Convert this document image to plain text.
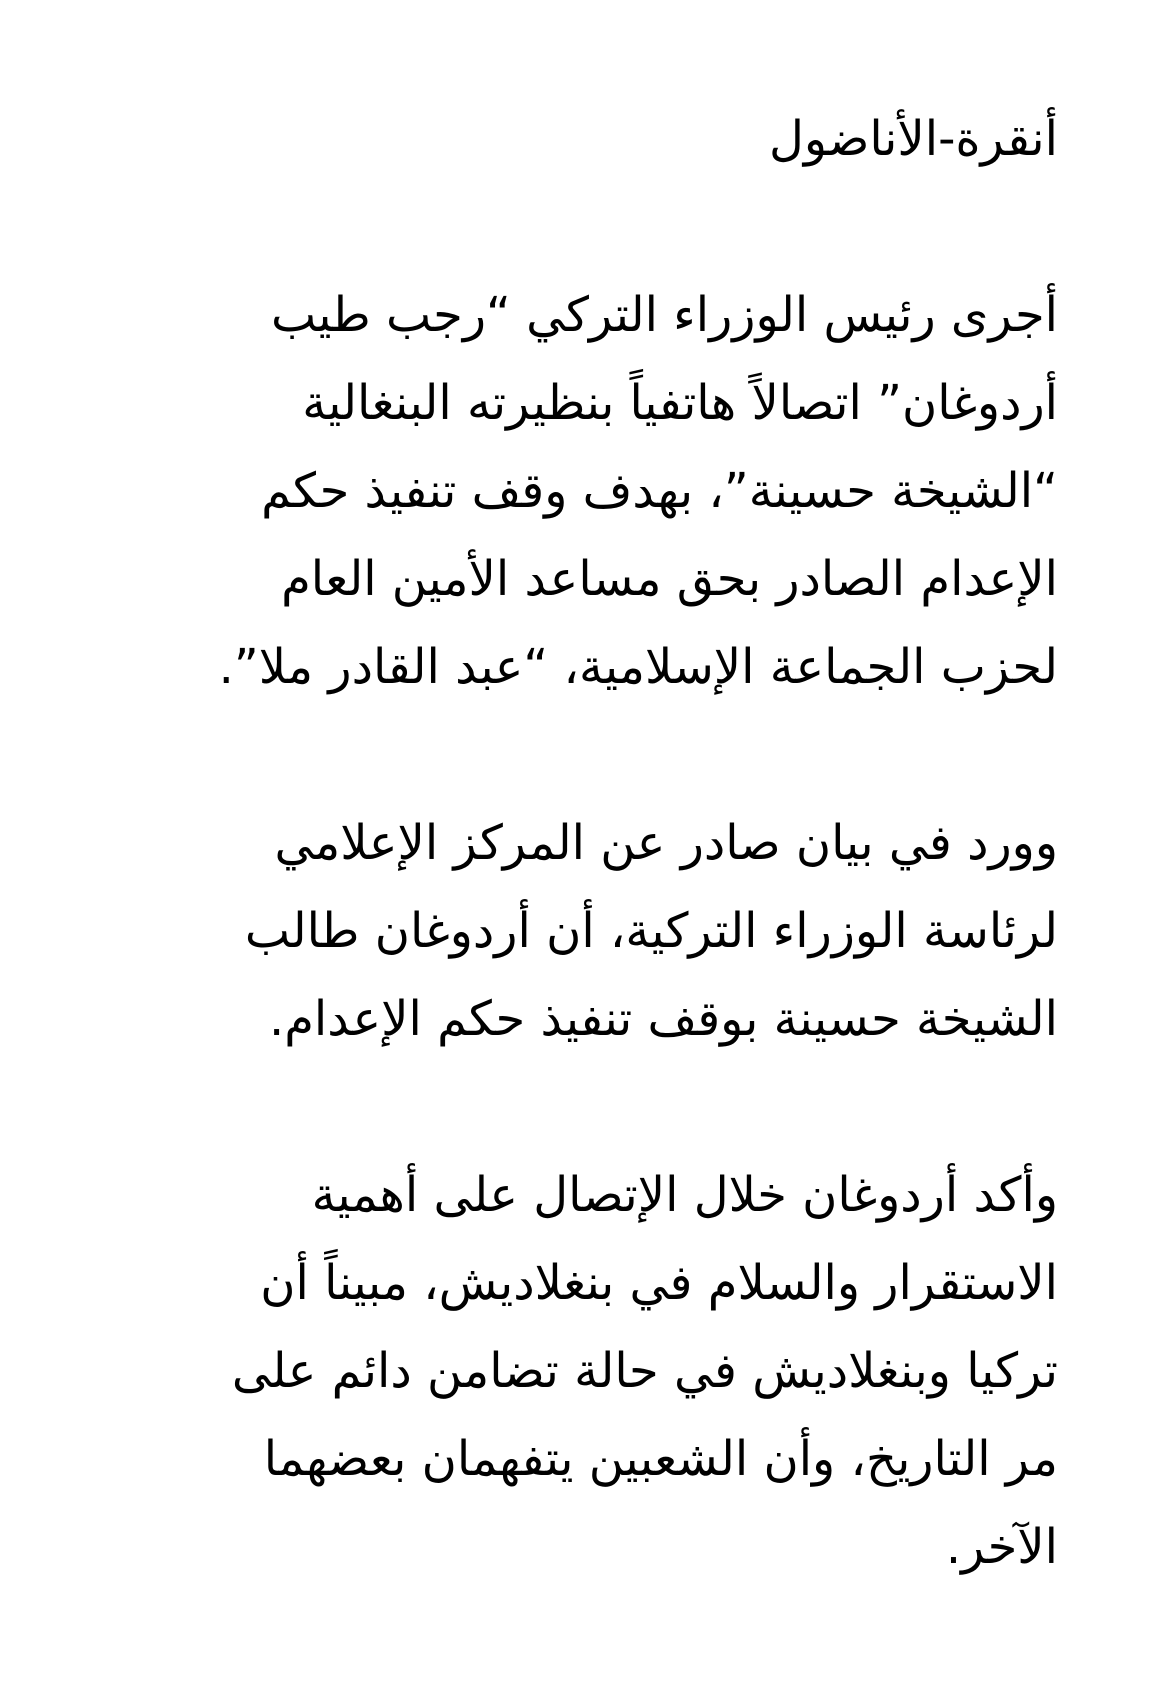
أنقرة-الأناضول
أجرى رئيس الوزراء التركي “رجب طيب
أردوغان” اتصالاً هاتفياً بنظيرته البنغالية
“الشيخة حسينة”، بهدف وقف تنفيذ حكم
الإعدام الصادر بحق مساعد الأمين العام
لحزب الجماعة الإسلامية، “عبد القادر ملا”.
وورد في بيان صادر عن المركز الإعلامي
لرئاسة الوزراء التركية، أن أردوغان طالب
الشيخة حسينة بوقف تنفيذ حكم الإعدام.
وأكد أردوغان خلال الإتصال على أهمية
الاستقرار والسلام في بنغلاديش، مبيناً أن
تركيا وبنغلاديش في حالة تضامن دائم على
مر التاريخ، وأن الشعبين يتفهمان بعضهما
الآخر.
